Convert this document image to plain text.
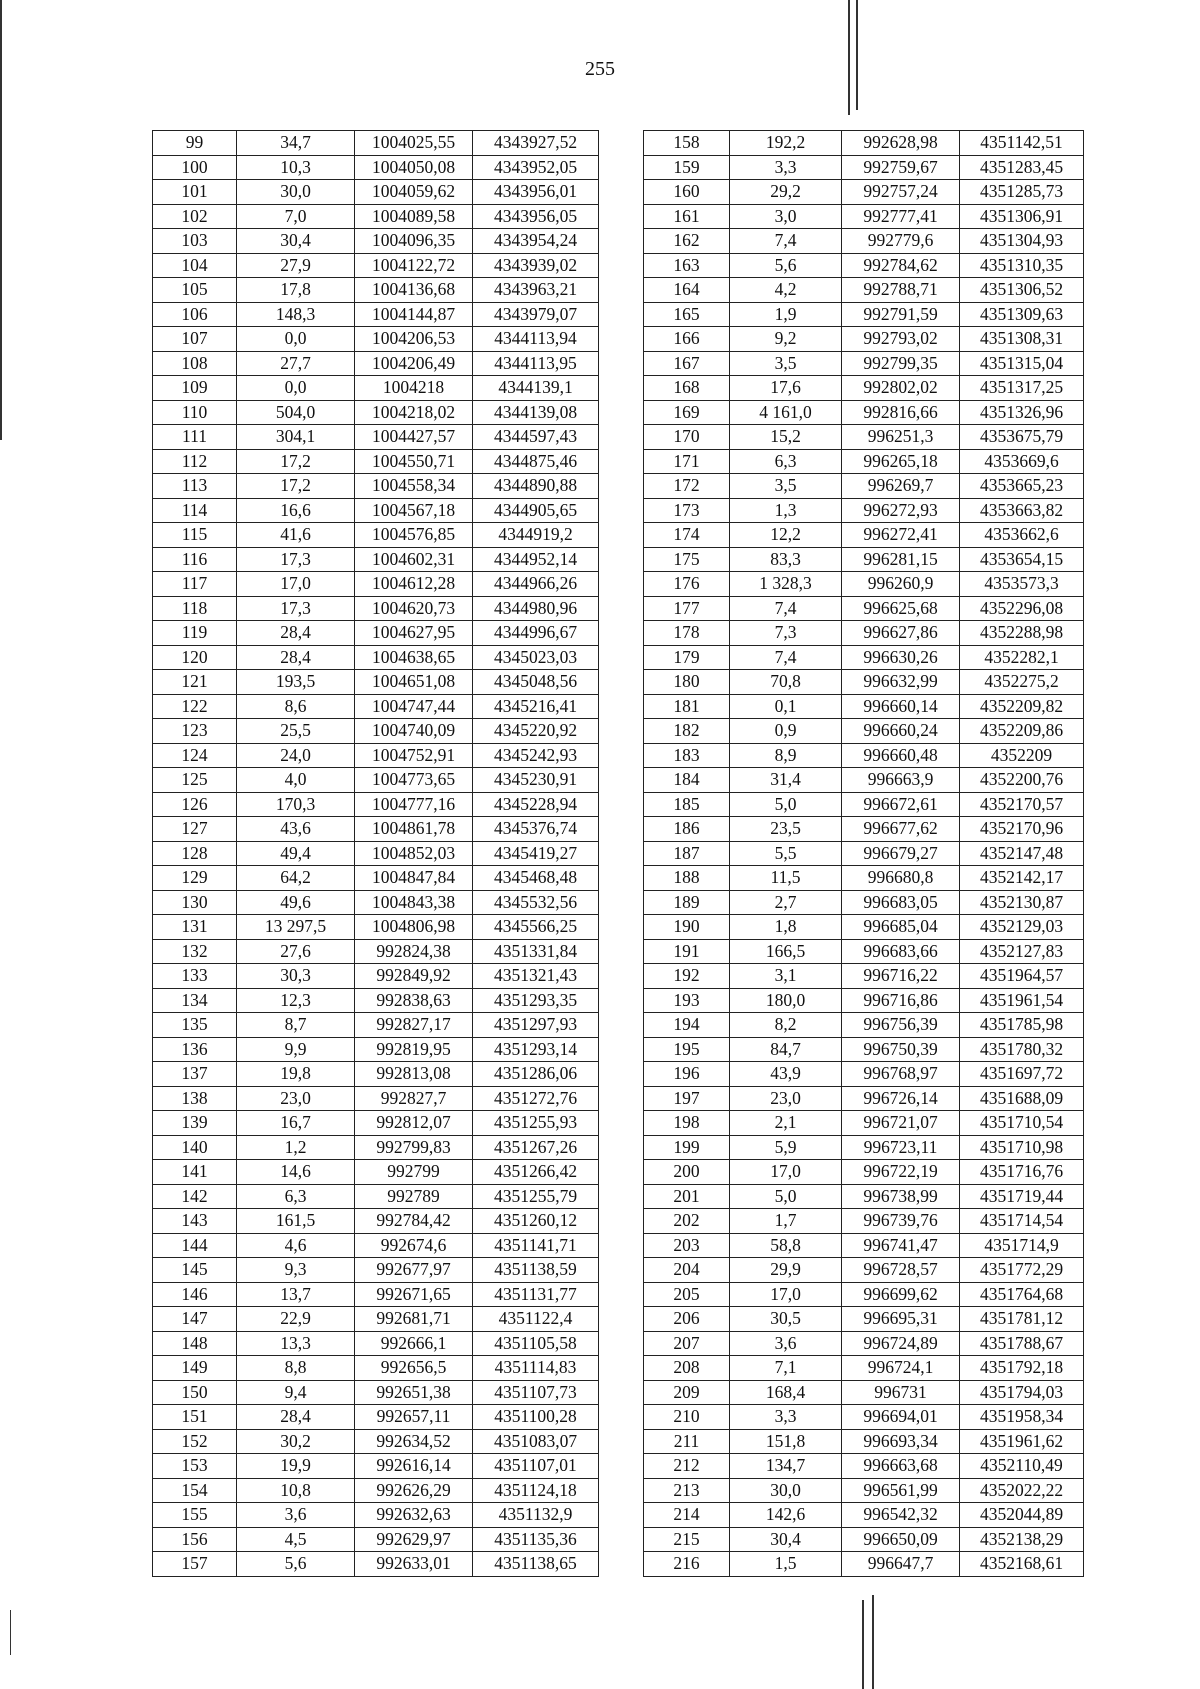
255
99	34,7	1004025,55	4343927,52
100	10,3	1004050,08	4343952,05
101	30,0	1004059,62	4343956,01
102	7,0	1004089,58	4343956,05
103	30,4	1004096,35	4343954,24
104	27,9	1004122,72	4343939,02
105	17,8	1004136,68	4343963,21
106	148,3	1004144,87	4343979,07
107	0,0	1004206,53	4344113,94
108	27,7	1004206,49	4344113,95
109	0,0	1004218	4344139,1
110	504,0	1004218,02	4344139,08
111	304,1	1004427,57	4344597,43
112	17,2	1004550,71	4344875,46
113	17,2	1004558,34	4344890,88
114	16,6	1004567,18	4344905,65
115	41,6	1004576,85	4344919,2
116	17,3	1004602,31	4344952,14
117	17,0	1004612,28	4344966,26
118	17,3	1004620,73	4344980,96
119	28,4	1004627,95	4344996,67
120	28,4	1004638,65	4345023,03
121	193,5	1004651,08	4345048,56
122	8,6	1004747,44	4345216,41
123	25,5	1004740,09	4345220,92
124	24,0	1004752,91	4345242,93
125	4,0	1004773,65	4345230,91
126	170,3	1004777,16	4345228,94
127	43,6	1004861,78	4345376,74
128	49,4	1004852,03	4345419,27
129	64,2	1004847,84	4345468,48
130	49,6	1004843,38	4345532,56
131	13 297,5	1004806,98	4345566,25
132	27,6	992824,38	4351331,84
133	30,3	992849,92	4351321,43
134	12,3	992838,63	4351293,35
135	8,7	992827,17	4351297,93
136	9,9	992819,95	4351293,14
137	19,8	992813,08	4351286,06
138	23,0	992827,7	4351272,76
139	16,7	992812,07	4351255,93
140	1,2	992799,83	4351267,26
141	14,6	992799	4351266,42
142	6,3	992789	4351255,79
143	161,5	992784,42	4351260,12
144	4,6	992674,6	4351141,71
145	9,3	992677,97	4351138,59
146	13,7	992671,65	4351131,77
147	22,9	992681,71	4351122,4
148	13,3	992666,1	4351105,58
149	8,8	992656,5	4351114,83
150	9,4	992651,38	4351107,73
151	28,4	992657,11	4351100,28
152	30,2	992634,52	4351083,07
153	19,9	992616,14	4351107,01
154	10,8	992626,29	4351124,18
155	3,6	992632,63	4351132,9
156	4,5	992629,97	4351135,36
157	5,6	992633,01	4351138,65
158	192,2	992628,98	4351142,51
159	3,3	992759,67	4351283,45
160	29,2	992757,24	4351285,73
161	3,0	992777,41	4351306,91
162	7,4	992779,6	4351304,93
163	5,6	992784,62	4351310,35
164	4,2	992788,71	4351306,52
165	1,9	992791,59	4351309,63
166	9,2	992793,02	4351308,31
167	3,5	992799,35	4351315,04
168	17,6	992802,02	4351317,25
169	4 161,0	992816,66	4351326,96
170	15,2	996251,3	4353675,79
171	6,3	996265,18	4353669,6
172	3,5	996269,7	4353665,23
173	1,3	996272,93	4353663,82
174	12,2	996272,41	4353662,6
175	83,3	996281,15	4353654,15
176	1 328,3	996260,9	4353573,3
177	7,4	996625,68	4352296,08
178	7,3	996627,86	4352288,98
179	7,4	996630,26	4352282,1
180	70,8	996632,99	4352275,2
181	0,1	996660,14	4352209,82
182	0,9	996660,24	4352209,86
183	8,9	996660,48	4352209
184	31,4	996663,9	4352200,76
185	5,0	996672,61	4352170,57
186	23,5	996677,62	4352170,96
187	5,5	996679,27	4352147,48
188	11,5	996680,8	4352142,17
189	2,7	996683,05	4352130,87
190	1,8	996685,04	4352129,03
191	166,5	996683,66	4352127,83
192	3,1	996716,22	4351964,57
193	180,0	996716,86	4351961,54
194	8,2	996756,39	4351785,98
195	84,7	996750,39	4351780,32
196	43,9	996768,97	4351697,72
197	23,0	996726,14	4351688,09
198	2,1	996721,07	4351710,54
199	5,9	996723,11	4351710,98
200	17,0	996722,19	4351716,76
201	5,0	996738,99	4351719,44
202	1,7	996739,76	4351714,54
203	58,8	996741,47	4351714,9
204	29,9	996728,57	4351772,29
205	17,0	996699,62	4351764,68
206	30,5	996695,31	4351781,12
207	3,6	996724,89	4351788,67
208	7,1	996724,1	4351792,18
209	168,4	996731	4351794,03
210	3,3	996694,01	4351958,34
211	151,8	996693,34	4351961,62
212	134,7	996663,68	4352110,49
213	30,0	996561,99	4352022,22
214	142,6	996542,32	4352044,89
215	30,4	996650,09	4352138,29
216	1,5	996647,7	4352168,61
